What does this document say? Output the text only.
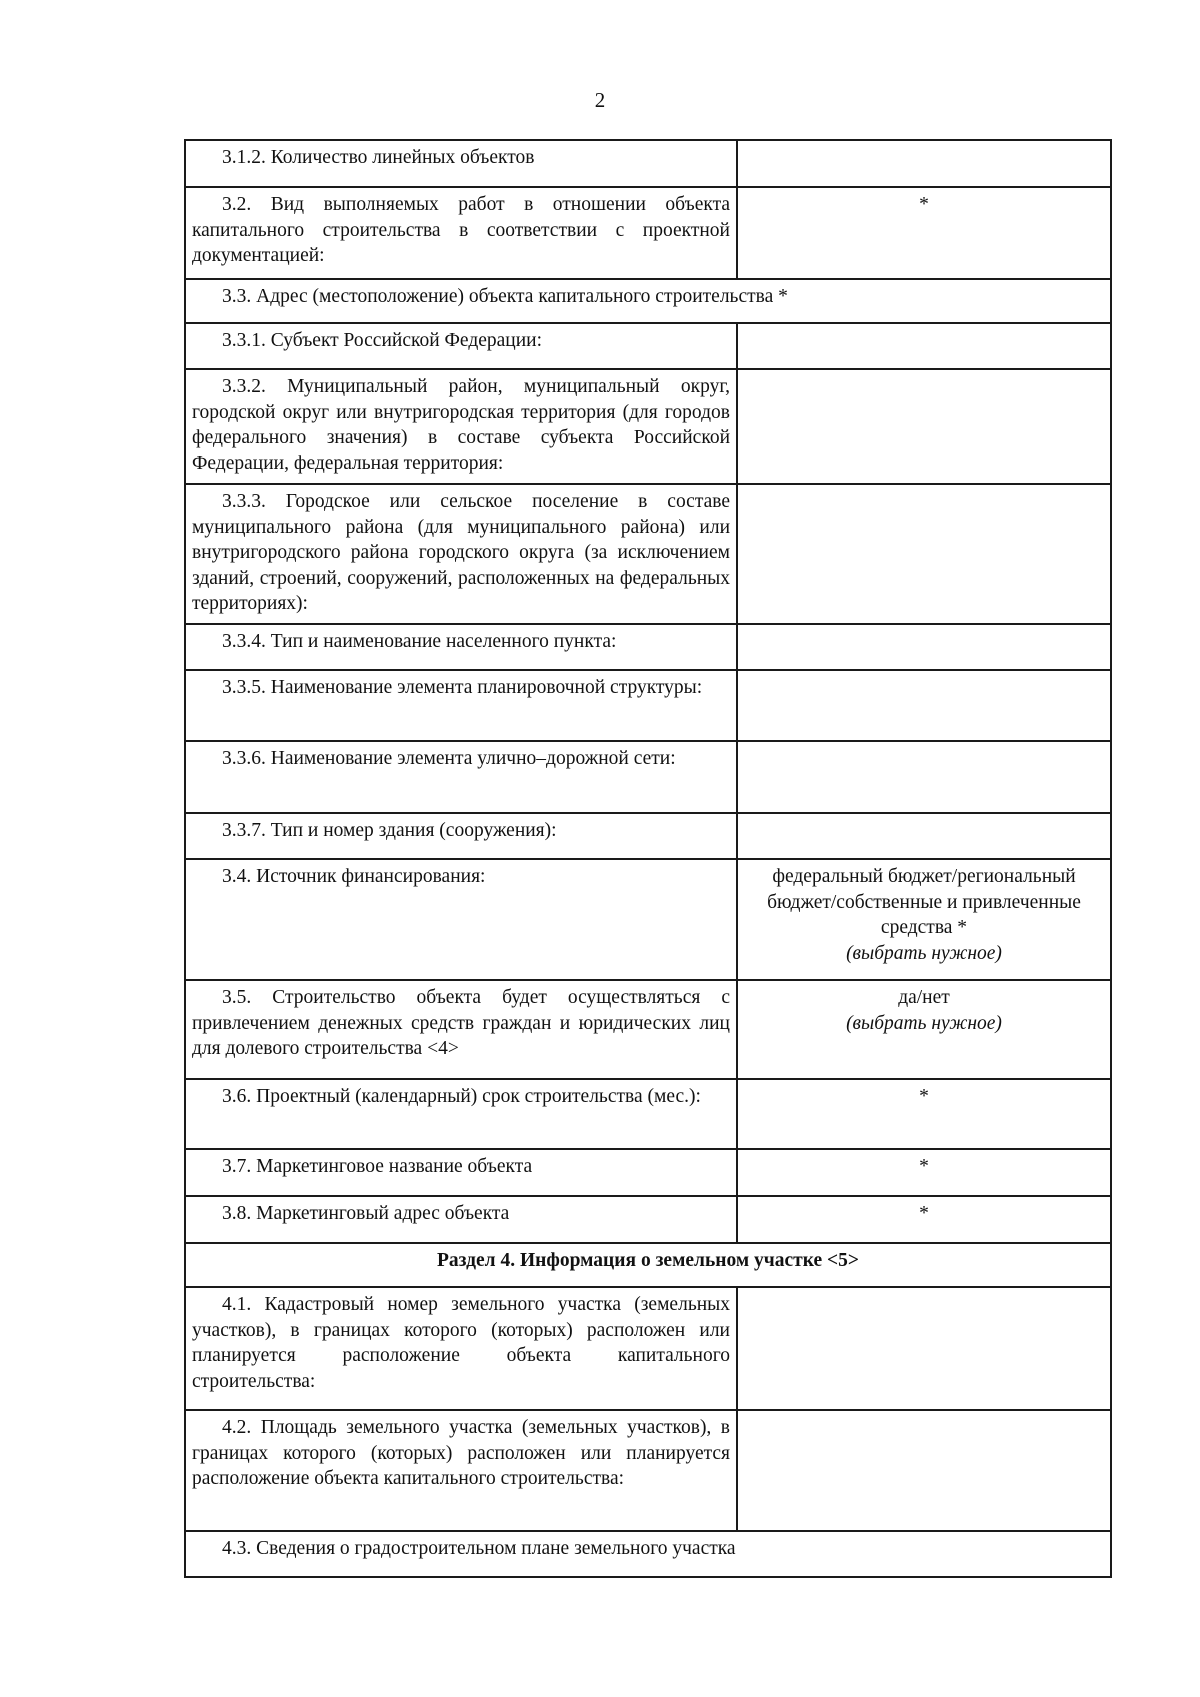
2
3.1.2. Количество линейных объектов	

3.2. Вид выполняемых работ в отношении объекта капитального строительства в соответствии с проектной документацией:	*

3.3. Адрес (местоположение) объекта капитального строительства *	
3.3.1. Субъект Российской Федерации:	

3.3.2. Муниципальный район, муниципальный округ, городской округ или внутригородская территория (для городов федерального значения) в составе субъекта Российской Федерации, федеральная территория:	

3.3.3. Городское или сельское поселение в составе муниципального района (для муниципального района) или внутригородского района городского округа (за исключением зданий, строений, сооружений, расположенных на федеральных территориях):	

3.3.4. Тип и наименование населенного пункта:	

3.3.5. Наименование элемента планировочной структуры:	

3.3.6. Наименование элемента улично–дорожной сети:	

3.3.7. Тип и номер здания (сооружения):	

3.4. Источник финансирования:	федеральный бюджет/региональный бюджет/собственные и привлеченные средства *
(выбрать нужное)

3.5. Строительство объекта будет осуществляться с привлечением денежных средств граждан и юридических лиц для долевого строительства <4>	да/нет
(выбрать нужное)

3.6. Проектный (календарный) срок строительства (мес.):	*

3.7. Маркетинговое название объекта	*

3.8. Маркетинговый адрес объекта	*

Раздел 4. Информация о земельном участке <5>	
4.1. Кадастровый номер земельного участка (земельных участков), в границах которого (которых) расположен или планируется расположение объекта капитального строительства:	

4.2. Площадь земельного участка (земельных участков), в границах которого (которых) расположен или планируется расположение объекта капитального строительства:	

4.3. Сведения о градостроительном плане земельного участка	
